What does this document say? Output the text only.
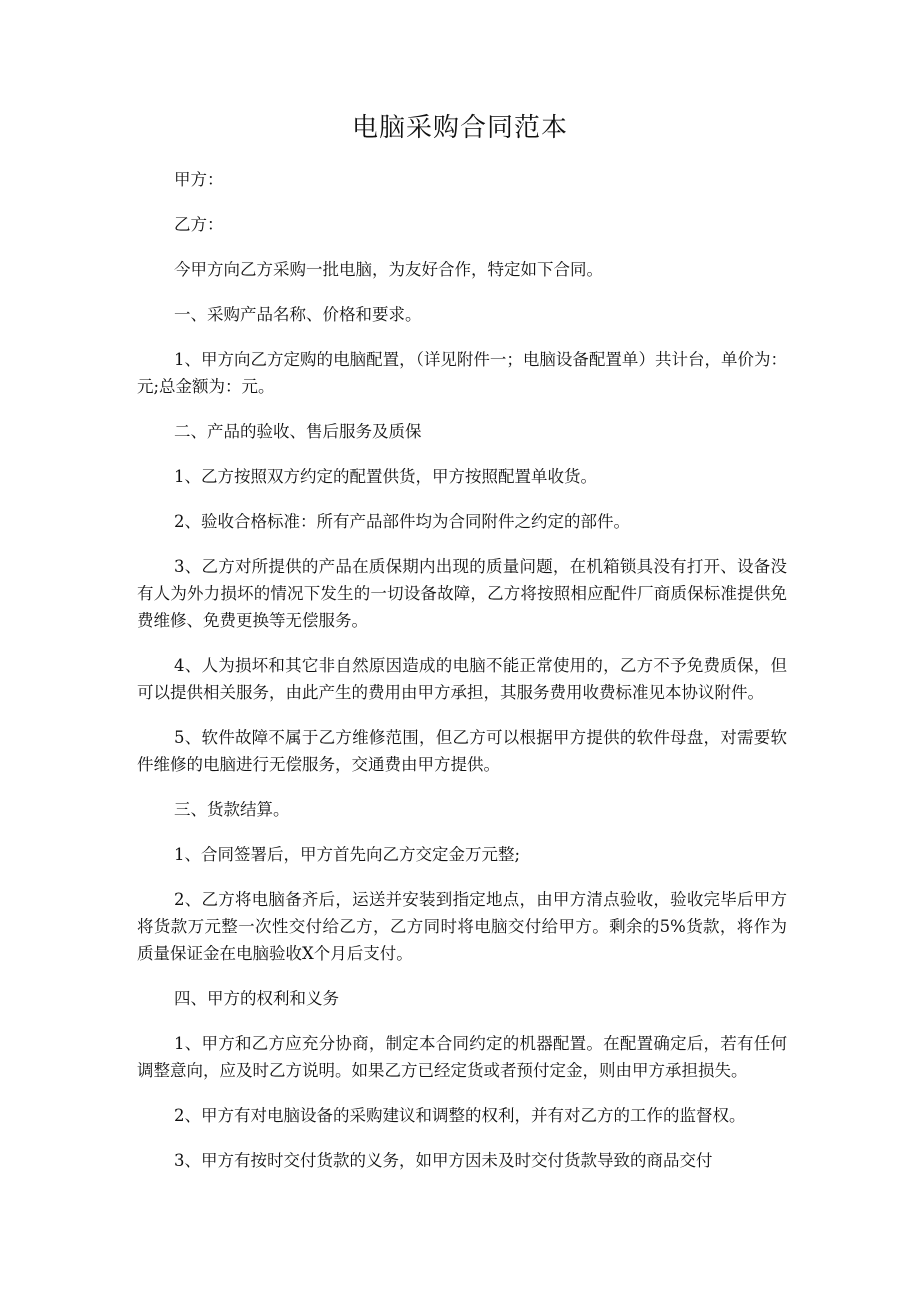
电脑采购合同范本

甲方：

乙方：

今甲方向乙方采购一批电脑，为友好合作，特定如下合同。

一、采购产品名称、价格和要求。

1、甲方向乙方定购的电脑配置，（详见附件一；电脑设备配置单）共计台，单价为：元;总金额为：元。

二、产品的验收、售后服务及质保

1、乙方按照双方约定的配置供货，甲方按照配置单收货。

2、验收合格标准：所有产品部件均为合同附件之约定的部件。

3、乙方对所提供的产品在质保期内出现的质量问题，在机箱锁具没有打开、设备没有人为外力损坏的情况下发生的一切设备故障，乙方将按照相应配件厂商质保标准提供免费维修、免费更换等无偿服务。

4、人为损坏和其它非自然原因造成的电脑不能正常使用的，乙方不予免费质保，但可以提供相关服务，由此产生的费用由甲方承担，其服务费用收费标准见本协议附件。

5、软件故障不属于乙方维修范围，但乙方可以根据甲方提供的软件母盘，对需要软件维修的电脑进行无偿服务，交通费由甲方提供。

三、货款结算。

1、合同签署后，甲方首先向乙方交定金万元整;

2、乙方将电脑备齐后，运送并安装到指定地点，由甲方清点验收，验收完毕后甲方将货款万元整一次性交付给乙方，乙方同时将电脑交付给甲方。剩余的5%货款，将作为质量保证金在电脑验收X个月后支付。

四、甲方的权利和义务

1、甲方和乙方应充分协商，制定本合同约定的机器配置。在配置确定后，若有任何调整意向，应及时乙方说明。如果乙方已经定货或者预付定金，则由甲方承担损失。

2、甲方有对电脑设备的采购建议和调整的权利，并有对乙方的工作的监督权。

3、甲方有按时交付货款的义务，如甲方因未及时交付货款导致的商品交付
